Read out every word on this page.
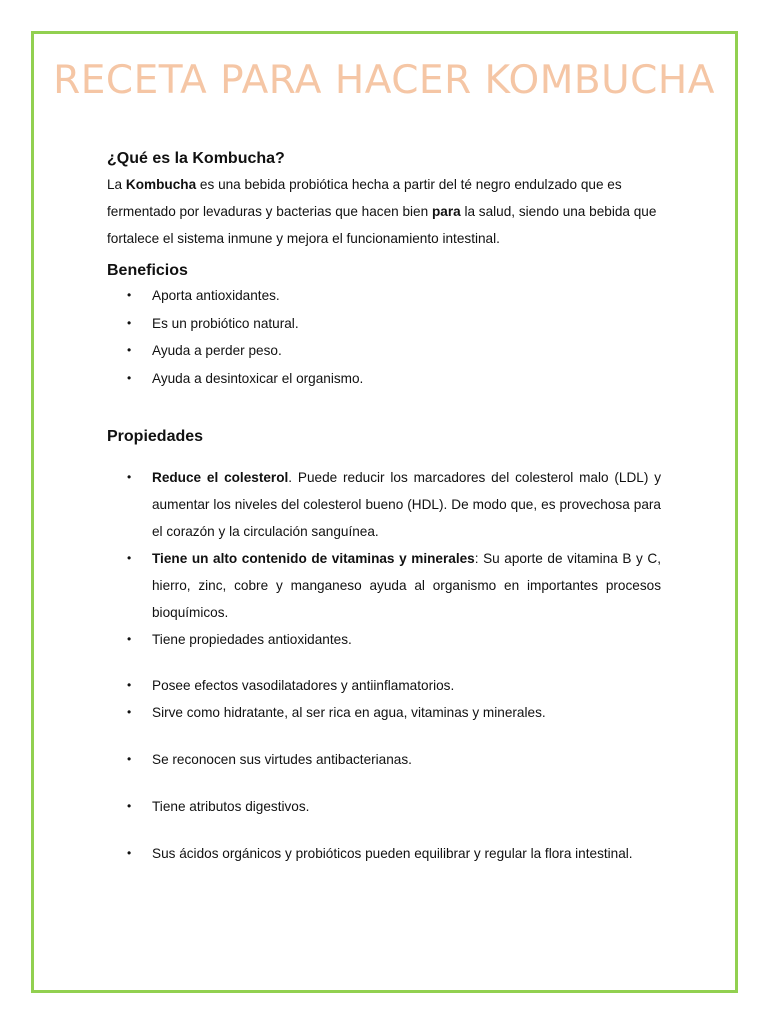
RECETA PARA HACER KOMBUCHA
¿Qué es la Kombucha?

La Kombucha es una bebida probiótica hecha a partir del té negro endulzado que es fermentado por levaduras y bacterias que hacen bien para la salud, siendo una bebida que fortalece el sistema inmune y mejora el funcionamiento intestinal.

Beneficios
• Aporta antioxidantes.
• Es un probiótico natural.
• Ayuda a perder peso.
• Ayuda a desintoxicar el organismo.
Propiedades
• Reduce el colesterol. Puede reducir los marcadores del colesterol malo (LDL) y aumentar los niveles del colesterol bueno (HDL). De modo que, es provechosa para el corazón y la circulación sanguínea.
• Tiene un alto contenido de vitaminas y minerales: Su aporte de vitamina B y C, hierro, zinc, cobre y manganeso ayuda al organismo en importantes procesos bioquímicos.
• Tiene propiedades antioxidantes.
• Posee efectos vasodilatadores y antiinflamatorios.
• Sirve como hidratante, al ser rica en agua, vitaminas y minerales.
• Se reconocen sus virtudes antibacterianas.
• Tiene atributos digestivos.
• Sus ácidos orgánicos y probióticos pueden equilibrar y regular la flora intestinal.
